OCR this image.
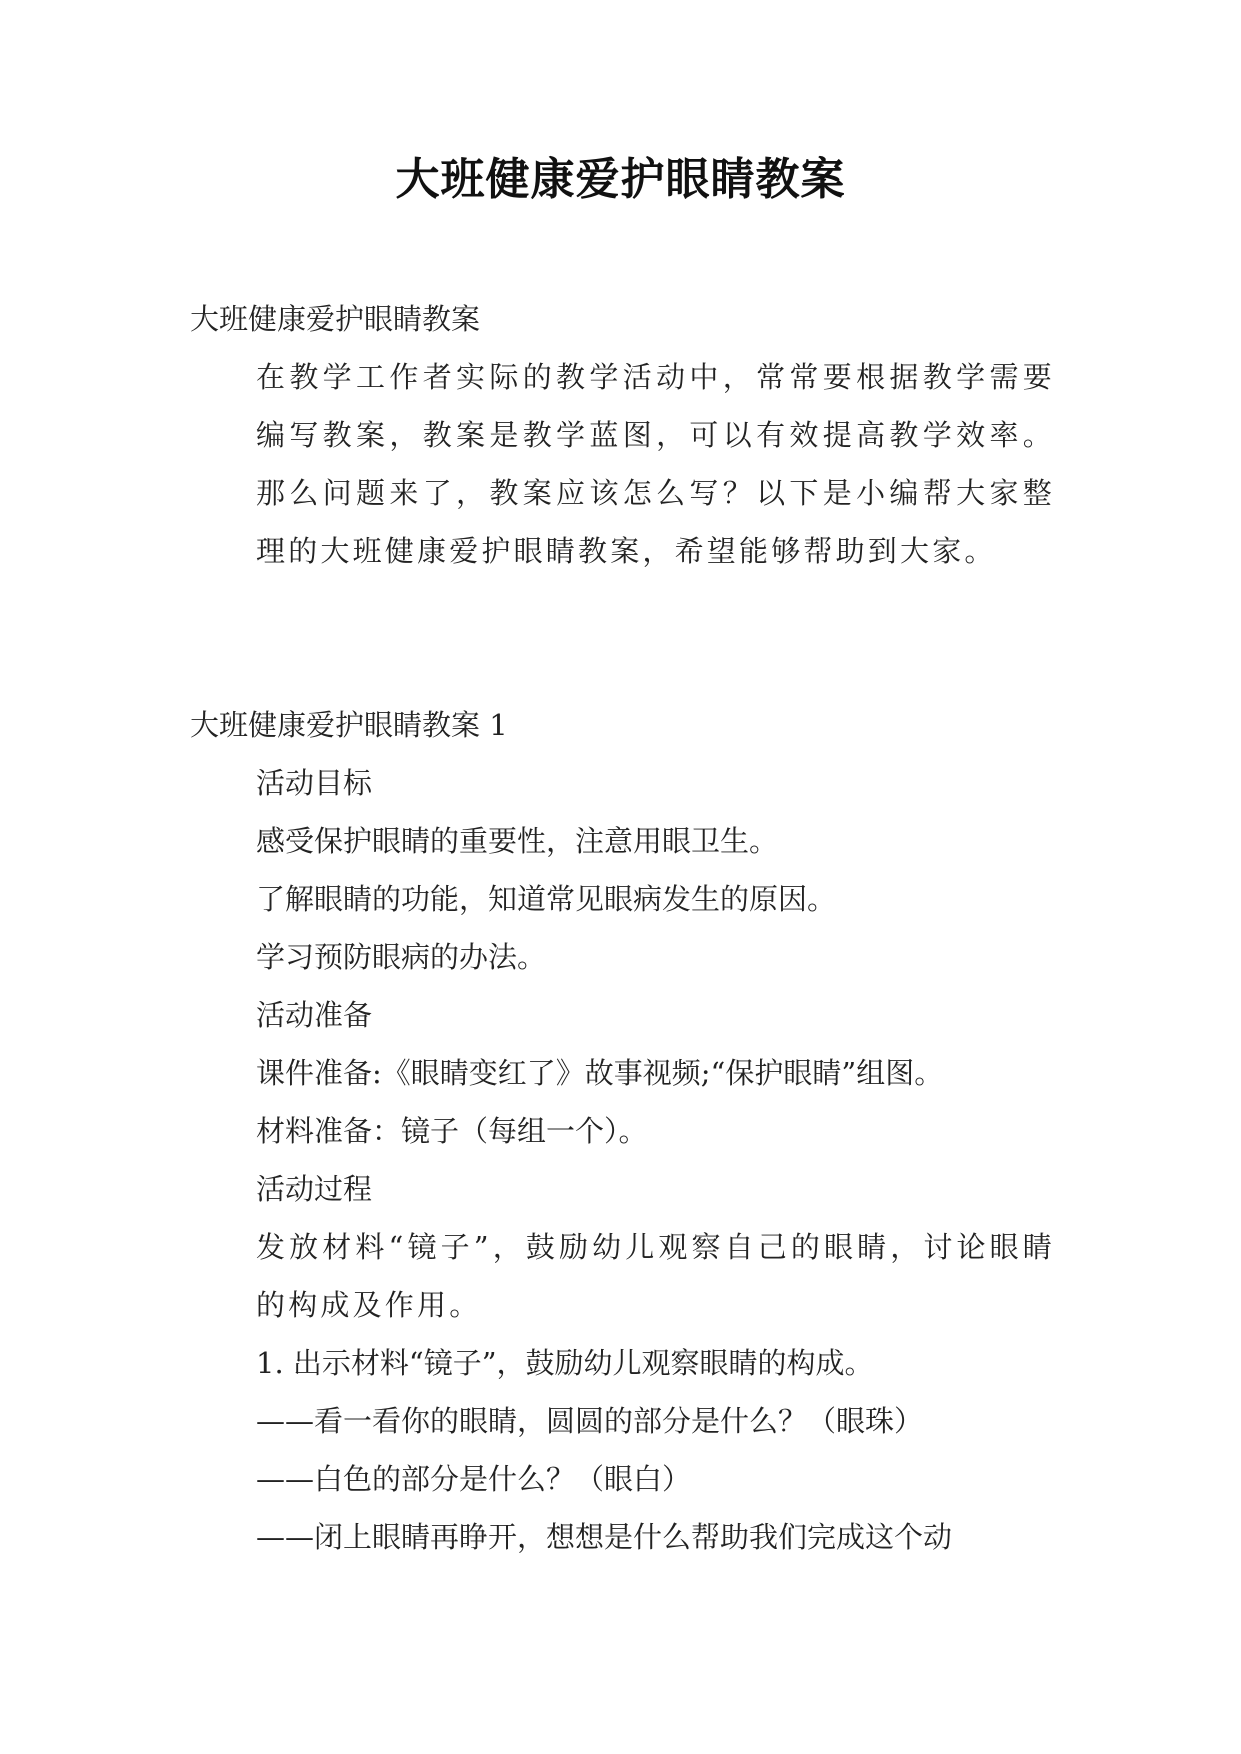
大班健康爱护眼睛教案

大班健康爱护眼睛教案

在教学工作者实际的教学活动中，常常要根据教学需要编写教案，教案是教学蓝图，可以有效提高教学效率。那么问题来了，教案应该怎么写？以下是小编帮大家整理的大班健康爱护眼睛教案，希望能够帮助到大家。

大班健康爱护眼睛教案 1

活动目标

感受保护眼睛的重要性，注意用眼卫生。

了解眼睛的功能，知道常见眼病发生的原因。

学习预防眼病的办法。

活动准备

课件准备:《眼睛变红了》故事视频;“保护眼睛”组图。

材料准备：镜子（每组一个）。

活动过程

发放材料“镜子”，鼓励幼儿观察自己的眼睛，讨论眼睛的构成及作用。

1. 出示材料“镜子”，鼓励幼儿观察眼睛的构成。

——看一看你的眼睛，圆圆的部分是什么？（眼珠）

——白色的部分是什么？（眼白）

——闭上眼睛再睁开，想想是什么帮助我们完成这个动
